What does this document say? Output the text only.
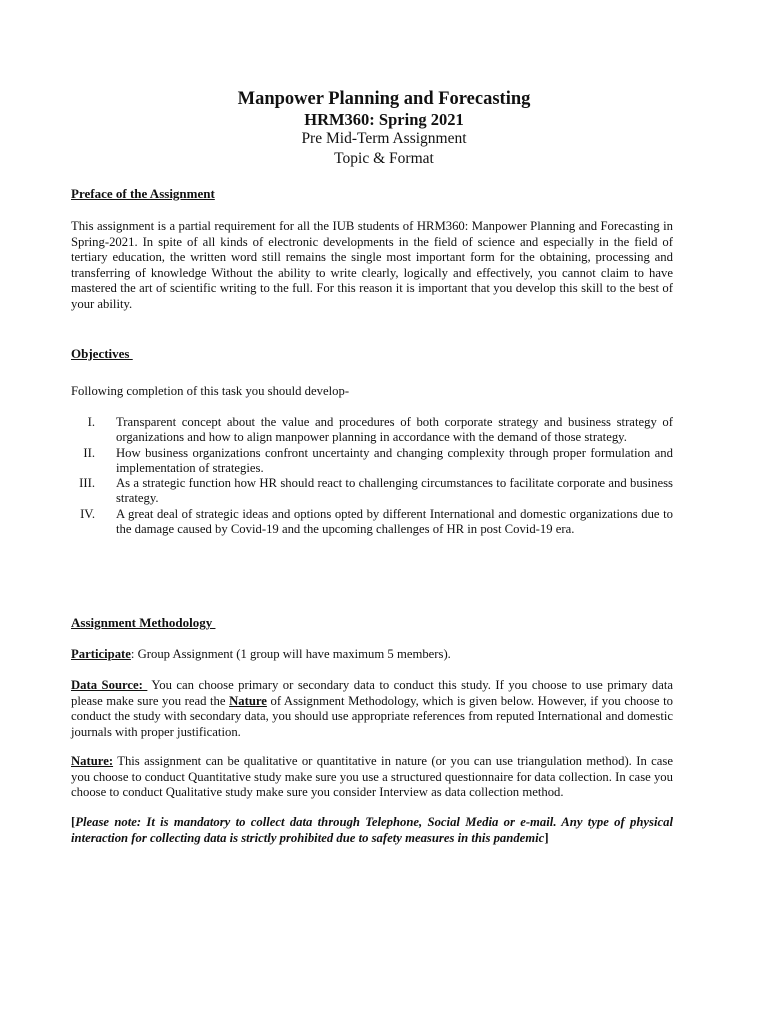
Manpower Planning and Forecasting
HRM360: Spring 2021
Pre Mid-Term Assignment
Topic & Format
Preface of the Assignment
This assignment is a partial requirement for all the IUB students of HRM360: Manpower Planning and Forecasting in Spring-2021. In spite of all kinds of electronic developments in the field of science and especially in the field of tertiary education, the written word still remains the single most important form for the obtaining, processing and transferring of knowledge Without the ability to write clearly, logically and effectively, you cannot claim to have mastered the art of scientific writing to the full. For this reason it is important that you develop this skill to the best of your ability.
Objectives
Following completion of this task you should develop-
I. Transparent concept about the value and procedures of both corporate strategy and business strategy of organizations and how to align manpower planning in accordance with the demand of those strategy.
II. How business organizations confront uncertainty and changing complexity through proper formulation and implementation of strategies.
III. As a strategic function how HR should react to challenging circumstances to facilitate corporate and business strategy.
IV. A great deal of strategic ideas and options opted by different International and domestic organizations due to the damage caused by Covid-19 and the upcoming challenges of HR in post Covid-19 era.
Assignment Methodology
Participate: Group Assignment (1 group will have maximum 5 members).
Data Source:  You can choose primary or secondary data to conduct this study. If you choose to use primary data please make sure you read the Nature of Assignment Methodology, which is given below. However, if you choose to conduct the study with secondary data, you should use appropriate references from reputed International and domestic journals with proper justification.
Nature: This assignment can be qualitative or quantitative in nature (or you can use triangulation method). In case you choose to conduct Quantitative study make sure you use a structured questionnaire for data collection. In case you choose to conduct Qualitative study make sure you consider Interview as data collection method.
[Please note: It is mandatory to collect data through Telephone, Social Media or e-mail. Any type of physical interaction for collecting data is strictly prohibited due to safety measures in this pandemic]
